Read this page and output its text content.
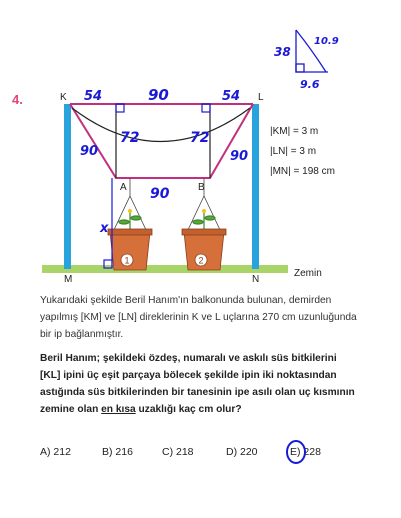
4.
1	2
K	L
M	N
A	B
Zemin
54	90	54
90	90
72	72
90
x
38
10.9
9.6
|KM| = 3 m
|LN| = 3 m
|MN| = 198 cm
Yukarıdaki şekilde Beril Hanım'ın balkonunda bulunan, demirden yapılmış [KM] ve [LN] direklerinin K ve L uçlarına 270 cm uzunluğunda bir ip bağlanmıştır.
Beril Hanım; şekildeki özdeş, numaralı ve askılı süs bitkilerini [KL] ipini üç eşit parçaya bölecek şekilde ipin iki noktasından astığında süs bitkilerinden bir tanesinin ipe asılı olan uç kısmının zemine olan en kısa uzaklığı kaç cm olur?
A) 212	B) 216	C) 218	D) 220	E) 228
